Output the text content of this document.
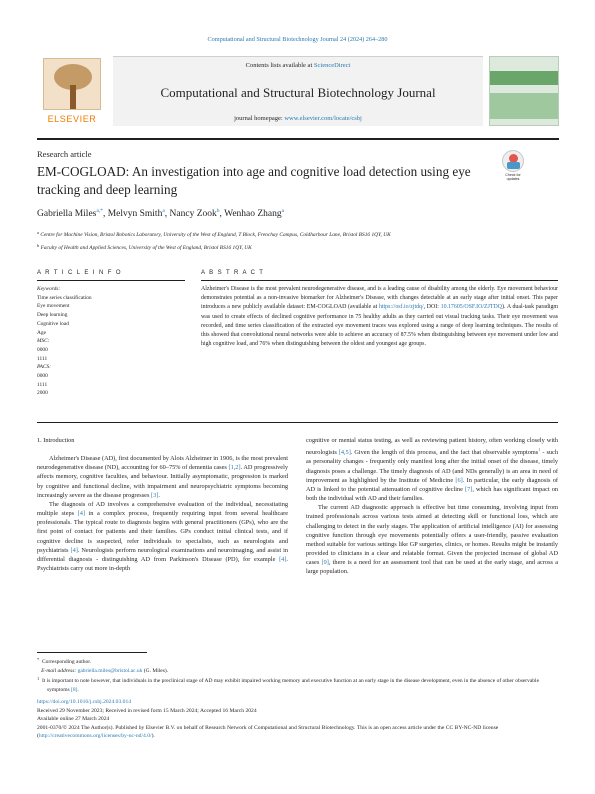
Computational and Structural Biotechnology Journal 24 (2024) 264–280
ELSEVIER
Contents lists available at ScienceDirect
Computational and Structural Biotechnology Journal
journal homepage: www.elsevier.com/locate/csbj
Research article
EM-COGLOAD: An investigation into age and cognitive load detection using eye tracking and deep learning
Check for
updates
Gabriella Miles$^{a,*}$, Melvyn Smith$^a$, Nancy Zook$^b$, Wenhao Zhang$^a$
$^a$ Centre for Machine Vision, Bristol Robotics Laboratory, University of the West of England, T Block, Frenchay Campus, Coldharbour Lane, Bristol BS16 1QY, UK
$^b$ Faculty of Health and Applied Sciences, University of the West of England, Bristol BS16 1QY, UK
A R T I C L E I N F O
Keywords:
Time series classification
Eye movement
Deep learning
Cognitive load
Age
MSC:
0000
1111
PACS:
0000
1111
2000
A B S T R A C T
Alzheimer's Disease is the most prevalent neurodegenerative disease, and is a leading cause of disability among the elderly. Eye movement behaviour demonstrates potential as a non-invasive biomarker for Alzheimer's Disease, with changes detectable at an early stage after initial onset. This paper introduces a new publicly available dataset: EM-COGLOAD (available at https://osf.io/zjtdq/, DOI: 10.17605/OSF.IO/ZJTDQ). A dual-task paradigm was used to create effects of declined cognitive performance in 75 healthy adults as they carried out visual tracking tasks. Their eye movement was recorded, and time series classification of the extracted eye movement traces was explored using a range of deep learning techniques. The results of this showed that convolutional neural networks were able to achieve an accuracy of 87.5% when distinguishing between eye movement under low and high cognitive load, and 76% when distinguishing between the oldest and youngest age groups.

1. Introduction

Alzheimer's Disease (AD), first documented by Alois Alzheimer in 1906, is the most prevalent neurodegenerative disease (ND), accounting for 60–75% of dementia cases [1,2]. AD progressively affects memory, cognitive faculties, and behaviour. Initially asymptomatic, progression is marked by cognitive and functional decline, with impairment and neuropsychiatric symptoms becoming increasingly severe as the disease progresses [3].

The diagnosis of AD involves a comprehensive evaluation of the individual, necessitating multiple steps [4] in a complex process, frequently requiring input from several healthcare professionals. The typical route to diagnosis begins with general practitioners (GPs), who are the first point of contact for patients and their families. GPs conduct initial clinical tests, and if cognitive decline is suspected, refer individuals to specialists, such as neurologists and psychiatrists [4]. Neurologists perform neurological examinations and neuroimaging, and assist in differential diagnosis - distinguishing AD from Parkinson's Disease (PD), for example [4]. Psychiatrists carry out more in-depth

cognitive or mental status testing, as well as reviewing patient history, often working closely with neurologists [4,5]. Given the length of this process, and the fact that observable symptoms$^1$ - such as personality changes - frequently only manifest long after the initial onset of the disease, timely diagnosis poses a challenge. The timely diagnosis of AD (and NDs generally) is an area in need of improvement as highlighted by the Institute of Medicine [6]. In particular, the early diagnosis of AD is linked to the potential attenuation of cognitive decline [7], which has significant impact on both the individual with AD and their families.

The current AD diagnostic approach is effective but time consuming, involving input from trained professionals across various tests aimed at detecting skill or functional loss, which are challenging to detect in the early stages. The application of artificial intelligence (AI) for assessing cognitive function through eye movements potentially offers a user-friendly, passive evaluation method suitable for various settings like GP surgeries, clinics, or homes. Results might be instantly provided to clinicians in a clear and relatable format. Given the projected increase of global AD cases [9], there is a need for an assessment tool that can be used at the early stage, and across a large population.

* Corresponding author.
E-mail address: gabriella.miles@bristol.ac.uk (G. Miles).
$^1$ It is important to note however, that individuals in the preclinical stage of AD may exhibit impaired working memory and executive function at an early stage in the disease development, even in the absence of other observable symptoms [8].
https://doi.org/10.1016/j.csbj.2024.03.014
Received 29 November 2023; Received in revised form 15 March 2024; Accepted 16 March 2024
Available online 27 March 2024
2001-0370/© 2024 The Author(s). Published by Elsevier B.V. on behalf of Research Network of Computational and Structural Biotechnology. This is an open access article under the CC BY-NC-ND license (http://creativecommons.org/licenses/by-nc-nd/4.0/).
